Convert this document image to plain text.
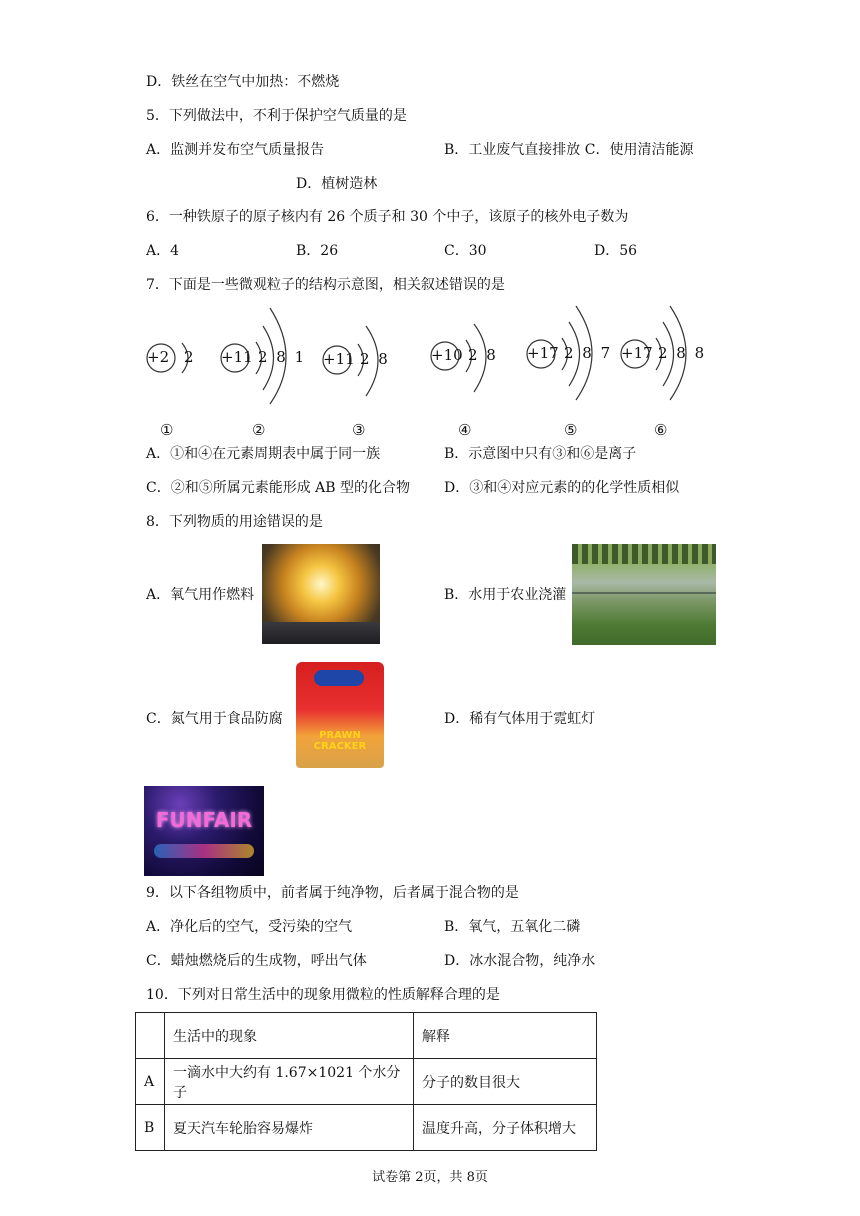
D．铁丝在空气中加热：不燃烧
5．下列做法中，不利于保护空气质量的是
A．监测并发布空气质量报告	B．工业废气直接排放 C．使用清洁能源
D．植树造林
6．一种铁原子的原子核内有 26 个质子和 30 个中子，该原子的核外电子数为
A．4	B．26	C．30	D．56
7．下面是一些微观粒子的结构示意图，相关叙述错误的是
+2 2 +11 2 8 1 +11 2 8	+10 2 8 +17 2 8 7 +17 2 8 8
①	②	③	④	⑤	⑥
A．①和④在元素周期表中属于同一族	B．示意图中只有③和⑥是离子
C．②和⑤所属元素能形成 AB 型的化合物 D．③和④对应元素的的化学性质相似
8．下列物质的用途错误的是
A．氧气用作燃料	B．水用于农业浇灌
C．氮气用于食品防腐
PRAWN
CRACKER
D．稀有气体用于霓虹灯
FUNFAIR
9．以下各组物质中，前者属于纯净物，后者属于混合物的是
A．净化后的空气，受污染的空气	B．氧气，五氧化二磷
C．蜡烛燃烧后的生成物，呼出气体	D．冰水混合物，纯净水
10．下列对日常生活中的现象用微粒的性质解释合理的是
	生活中的现象	解释
A	一滴水中大约有 1.67×1021 个水分子	分子的数目很大
B	夏天汽车轮胎容易爆炸	温度升高，分子体积增大
试卷第 2页，共 8页
